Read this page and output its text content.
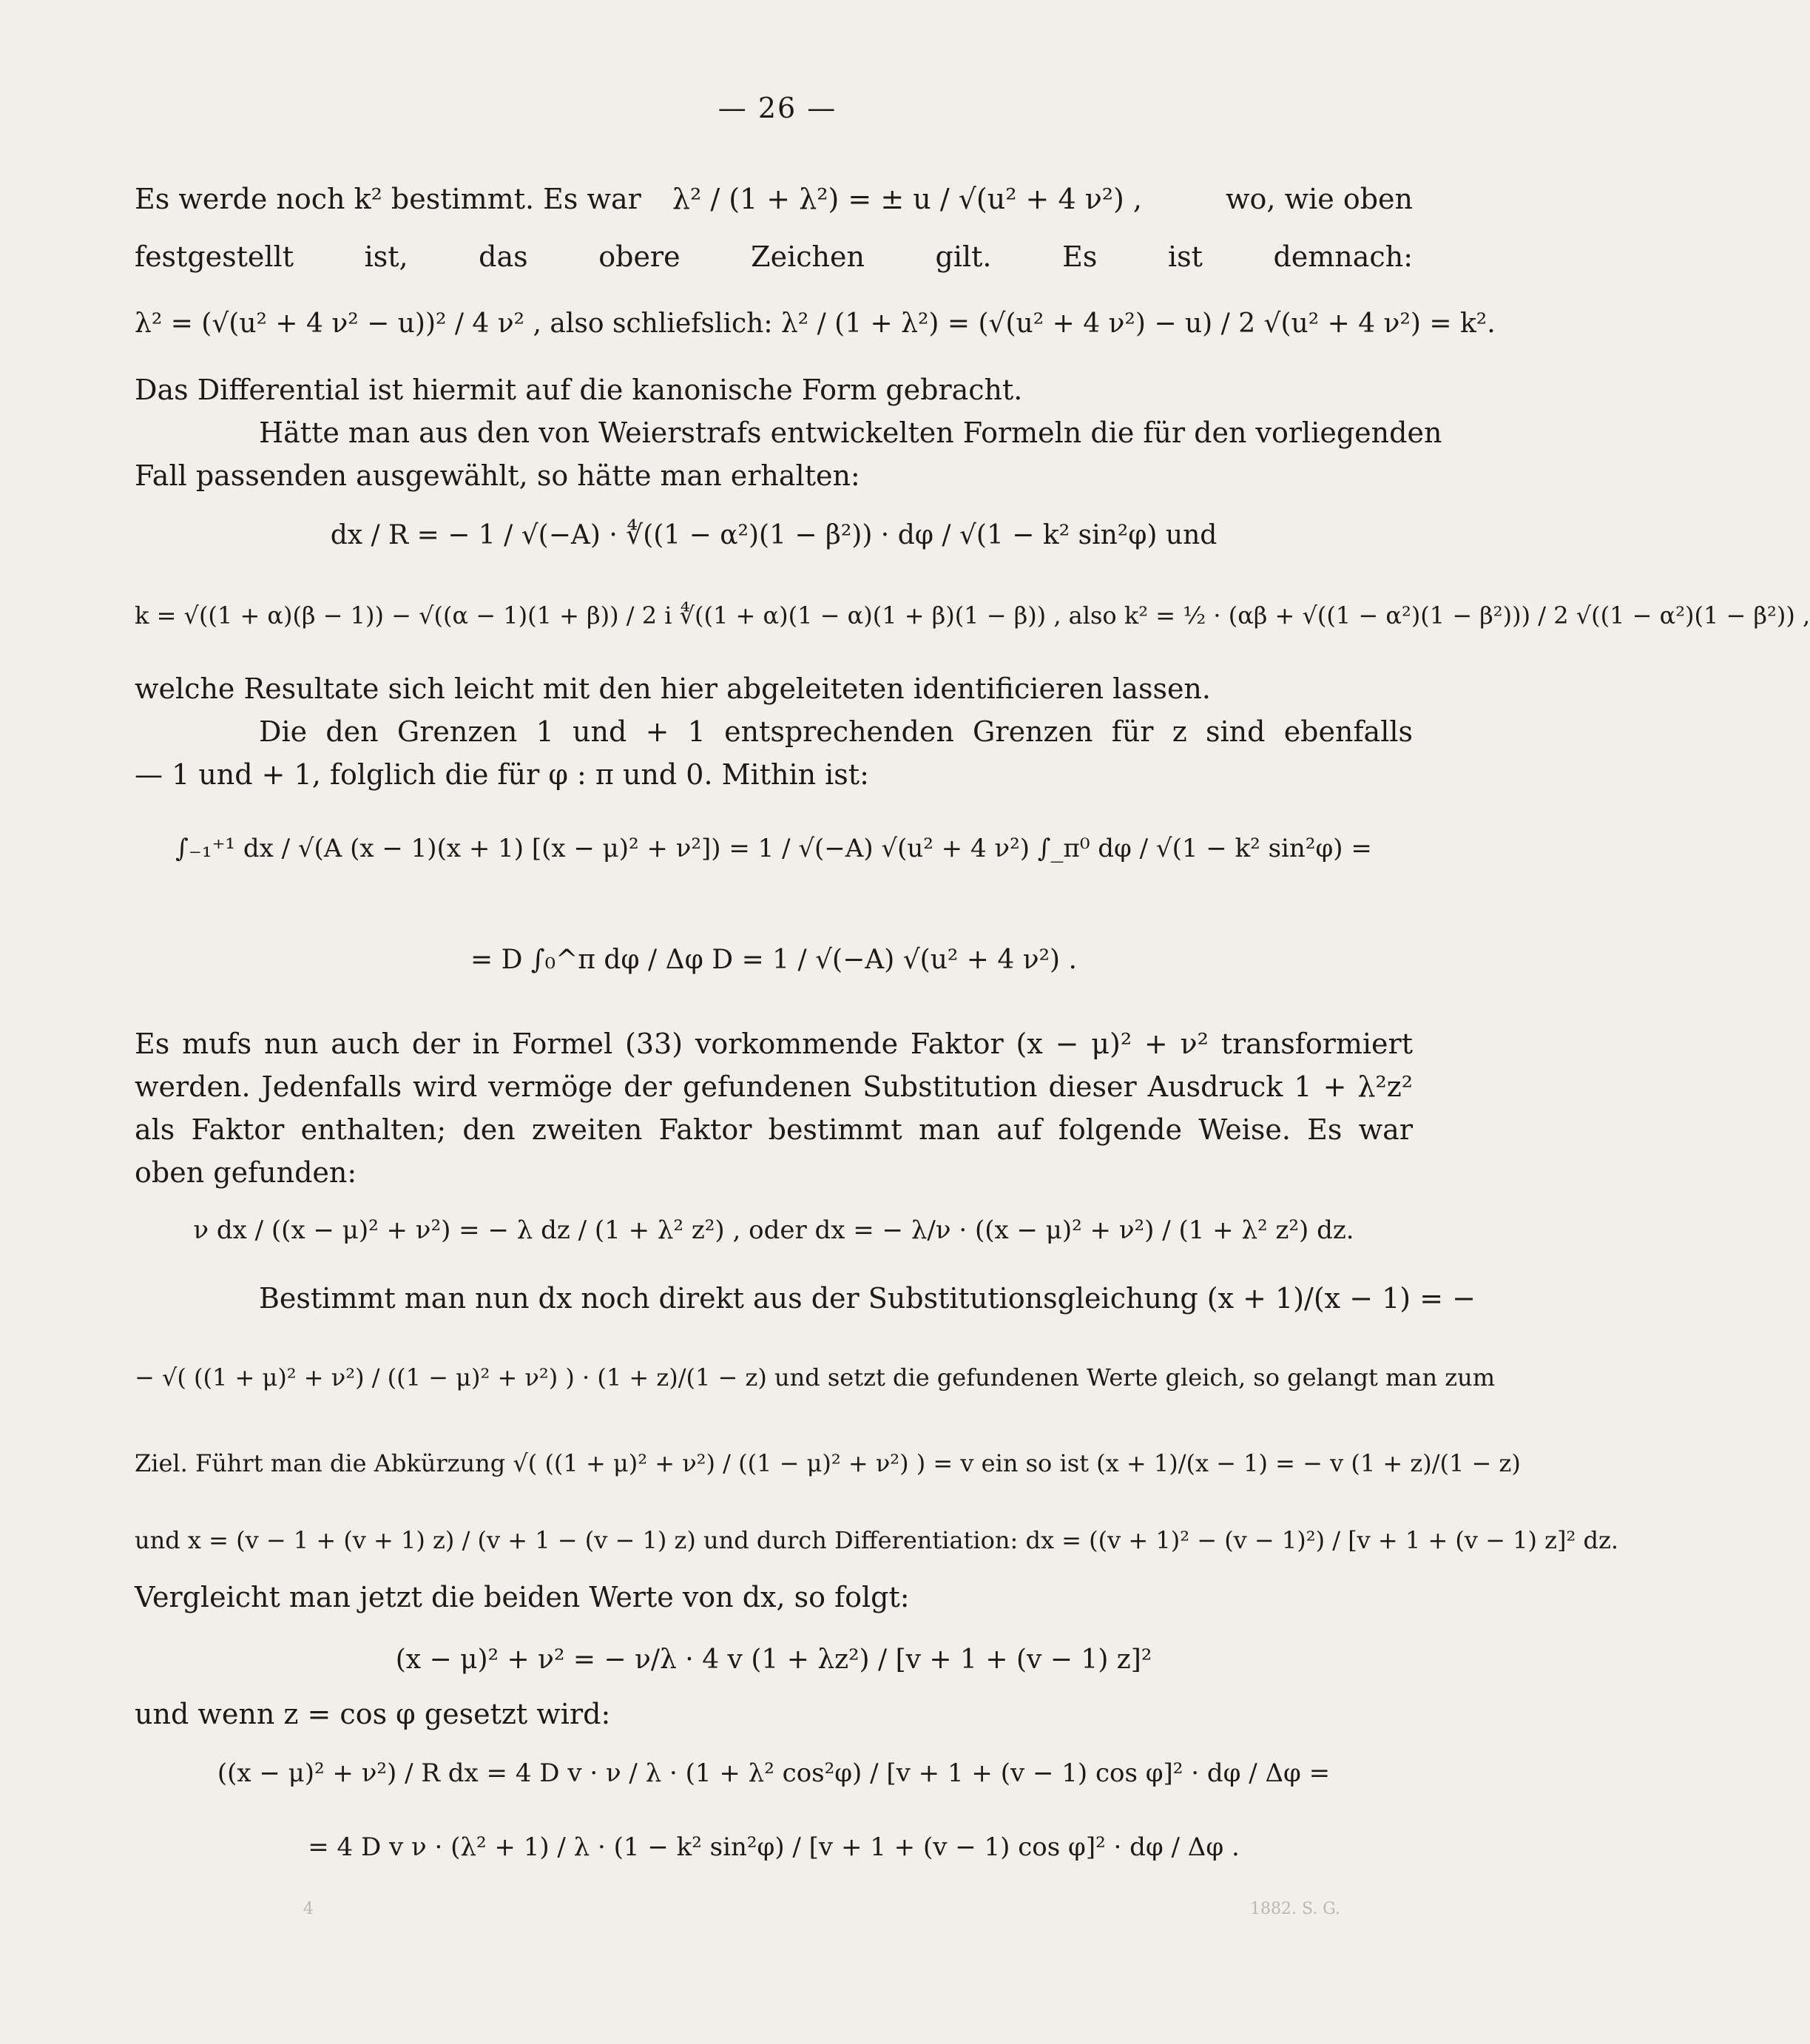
— 26 —
Es werde noch k² bestimmt. Es war λ² / (1 + λ²) = ± u / √(u² + 4 ν²) ,	wo, wie oben
festgestellt ist, das obere Zeichen gilt. Es ist demnach:
λ² = (√(u² + 4 ν² − u))² / 4 ν² , also schliefslich: λ² / (1 + λ²) = (√(u² + 4 ν²) − u) / 2 √(u² + 4 ν²) = k².
Das Differential ist hiermit auf die kanonische Form gebracht.
Hätte man aus den von Weierstrafs entwickelten Formeln die für den vorliegenden
Fall passenden ausgewählt, so hätte man erhalten:
dx / R = − 1 / √(−A) · ∜((1 − α²)(1 − β²)) · dφ / √(1 − k² sin²φ) und
k = √((1 + α)(β − 1)) − √((α − 1)(1 + β)) / 2 i ∜((1 + α)(1 − α)(1 + β)(1 − β)) , also k² = ½ · (αβ + √((1 − α²)(1 − β²))) / 2 √((1 − α²)(1 − β²)) ,
welche Resultate sich leicht mit den hier abgeleiteten identificieren lassen.
Die den Grenzen 1 und + 1 entsprechenden Grenzen für z sind ebenfalls
— 1 und + 1, folglich die für φ : π und 0. Mithin ist:
∫₋₁⁺¹ dx / √(A (x − 1)(x + 1) [(x − μ)² + ν²]) = 1 / √(−A) √(u² + 4 ν²) ∫_π⁰ dφ / √(1 − k² sin²φ) =
= D ∫₀^π dφ / Δφ D = 1 / √(−A) √(u² + 4 ν²) .
Es mufs nun auch der in Formel (33) vorkommende Faktor (x − μ)² + ν² transformiert
werden. Jedenfalls wird vermöge der gefundenen Substitution dieser Ausdruck 1 + λ²z²
als Faktor enthalten; den zweiten Faktor bestimmt man auf folgende Weise. Es war
oben gefunden:
ν dx / ((x − μ)² + ν²) = − λ dz / (1 + λ² z²) , oder dx = − λ/ν · ((x − μ)² + ν²) / (1 + λ² z²) dz.
Bestimmt man nun dx noch direkt aus der Substitutionsgleichung (x + 1)/(x − 1) = −
− √( ((1 + μ)² + ν²) / ((1 − μ)² + ν²) ) · (1 + z)/(1 − z) und setzt die gefundenen Werte gleich, so gelangt man zum
Ziel. Führt man die Abkürzung √( ((1 + μ)² + ν²) / ((1 − μ)² + ν²) ) = v ein so ist (x + 1)/(x − 1) = − v (1 + z)/(1 − z)
und x = (v − 1 + (v + 1) z) / (v + 1 − (v − 1) z) und durch Differentiation: dx = ((v + 1)² − (v − 1)²) / [v + 1 + (v − 1) z]² dz.
Vergleicht man jetzt die beiden Werte von dx, so folgt:
(x − μ)² + ν² = − ν/λ · 4 v (1 + λz²) / [v + 1 + (v − 1) z]²
und wenn z = cos φ gesetzt wird:
((x − μ)² + ν²) / R dx = 4 D v · ν / λ · (1 + λ² cos²φ) / [v + 1 + (v − 1) cos φ]² · dφ / Δφ =
= 4 D v ν · (λ² + 1) / λ · (1 − k² sin²φ) / [v + 1 + (v − 1) cos φ]² · dφ / Δφ .
4	1882. S. G.
